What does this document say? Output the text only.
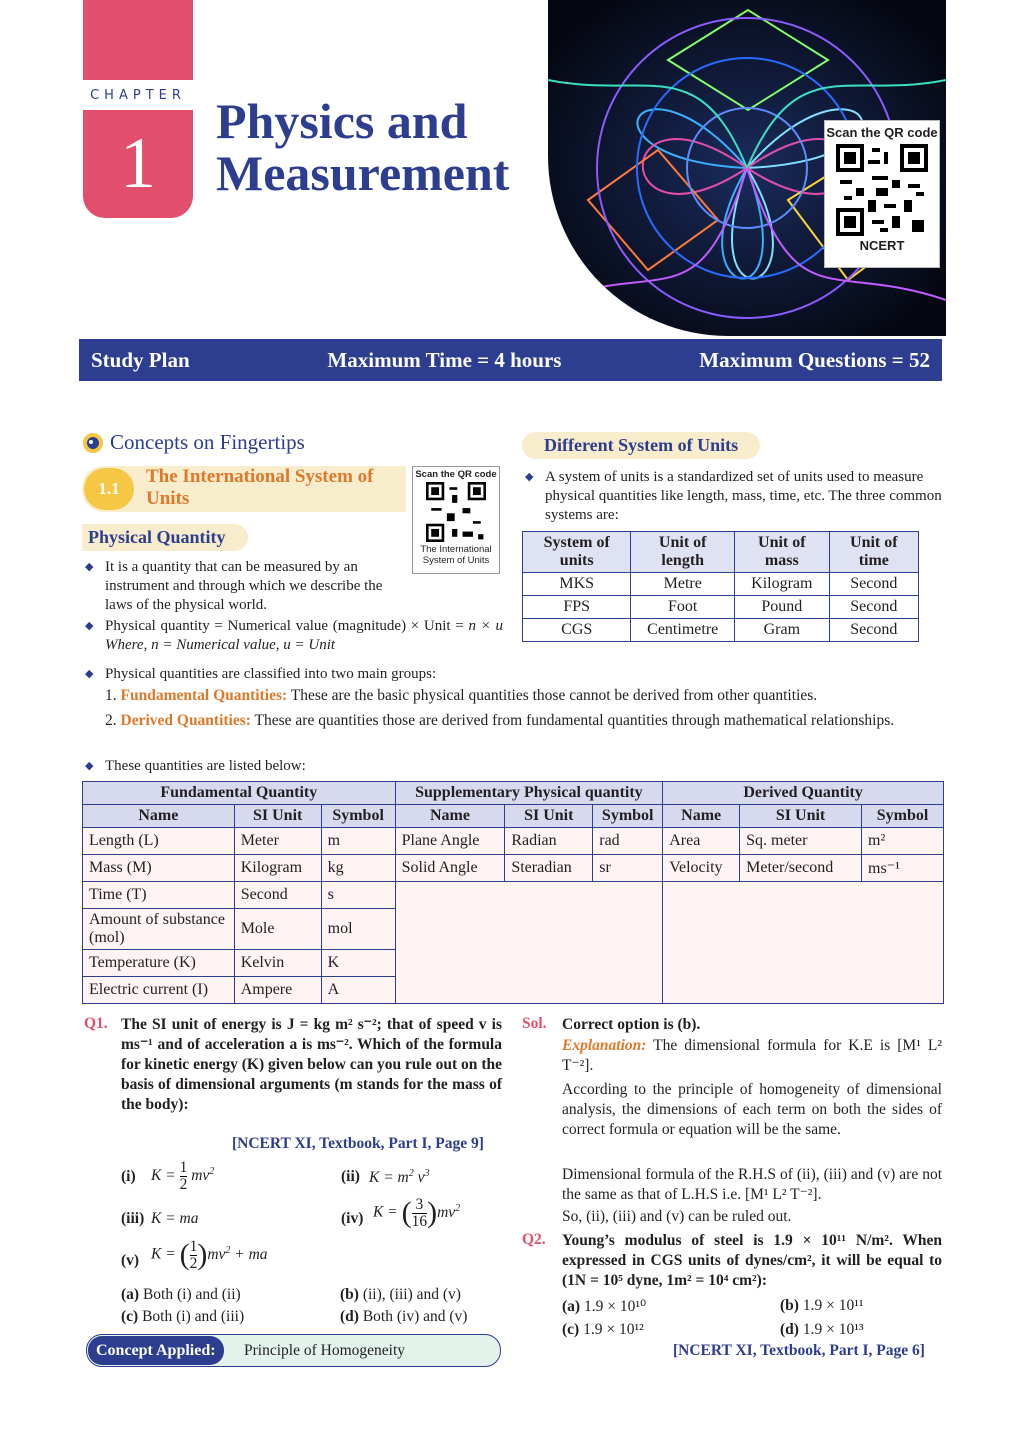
CHAPTER
1
Physics and
Measurement
Scan the QR code
NCERT
Study Plan	Maximum Time = 4 hours	Maximum Questions = 52
Concepts on Fingertips
1.1
The International System of
Units
Scan the QR code
The International
System of Units
Physical Quantity
◆ It is a quantity that can be measured by an instrument and through which we describe the laws of the physical world.
◆ Physical quantity = Numerical value (magnitude) × Unit = n × u Where, n = Numerical value, u = Unit
Different System of Units
◆ A system of units is a standardized set of units used to measure physical quantities like length, mass, time, etc. The three common systems are:
System of units	Unit of length	Unit of mass	Unit of time
MKS	Metre	Kilogram	Second
FPS	Foot	Pound	Second
CGS	Centimetre	Gram	Second
◆ Physical quantities are classified into two main groups:
1. Fundamental Quantities: These are the basic physical quantities those cannot be derived from other quantities.
2. Derived Quantities: These are quantities those are derived from fundamental quantities through mathematical relationships.
◆ These quantities are listed below:
Fundamental Quantity			Supplementary Physical quantity			Derived Quantity		
Name	SI Unit	Symbol	Name	SI Unit	Symbol	Name	SI Unit	Symbol
Length (L)	Meter	m	Plane Angle	Radian	rad	Area	Sq. meter	m²
Mass (M)	Kilogram	kg	Solid Angle	Steradian	sr	Velocity	Meter/second	ms⁻¹
Time (T)	Second	s						
Amount of substance (mol)	Mole	mol						
Temperature (K)	Kelvin	K						
Electric current (I)	Ampere	A						
Q1. The SI unit of energy is J = kg m² s⁻²; that of speed v is ms⁻¹ and of acceleration a is ms⁻². Which of the formula for kinetic energy (K) given below can you rule out on the basis of dimensional arguments (m stands for the mass of the body):
[NCERT XI, Textbook, Part I, Page 9]
(i) $K = \frac{1}{2} mv^2$	(ii) $K = m^2$ $v^3$
(iii) K = ma	(iv) K = ( $\frac{3}{16} )mv^2$
(v) K = ( $\frac{1}{2} )mv^2$ + ma
(a) Both (i) and (ii)	(b) (ii), (iii) and (v)
(c) Both (i) and (iii)	(d) Both (iv) and (v)
Concept Applied:	Principle of Homogeneity
Sol. Correct option is (b).
Explanation: The dimensional formula for K.E is [M¹ L² T⁻²].
According to the principle of homogeneity of dimensional analysis, the dimensions of each term on both the sides of correct formula or equation will be the same.
Dimensional formula of the R.H.S of (ii), (iii) and (v) are not the same as that of L.H.S i.e. [M¹ L² T⁻²].
So, (ii), (iii) and (v) can be ruled out.
Q2. Young’s modulus of steel is 1.9 × 10¹¹ N/m². When expressed in CGS units of dynes/cm², it will be equal to (1N = 10⁵ dyne, 1m² = 10⁴ cm²):
(a) 1.9 × 10¹⁰	(b) 1.9 × 10¹¹
(c) 1.9 × 10¹²	(d) 1.9 × 10¹³
[NCERT XI, Textbook, Part I, Page 6]
